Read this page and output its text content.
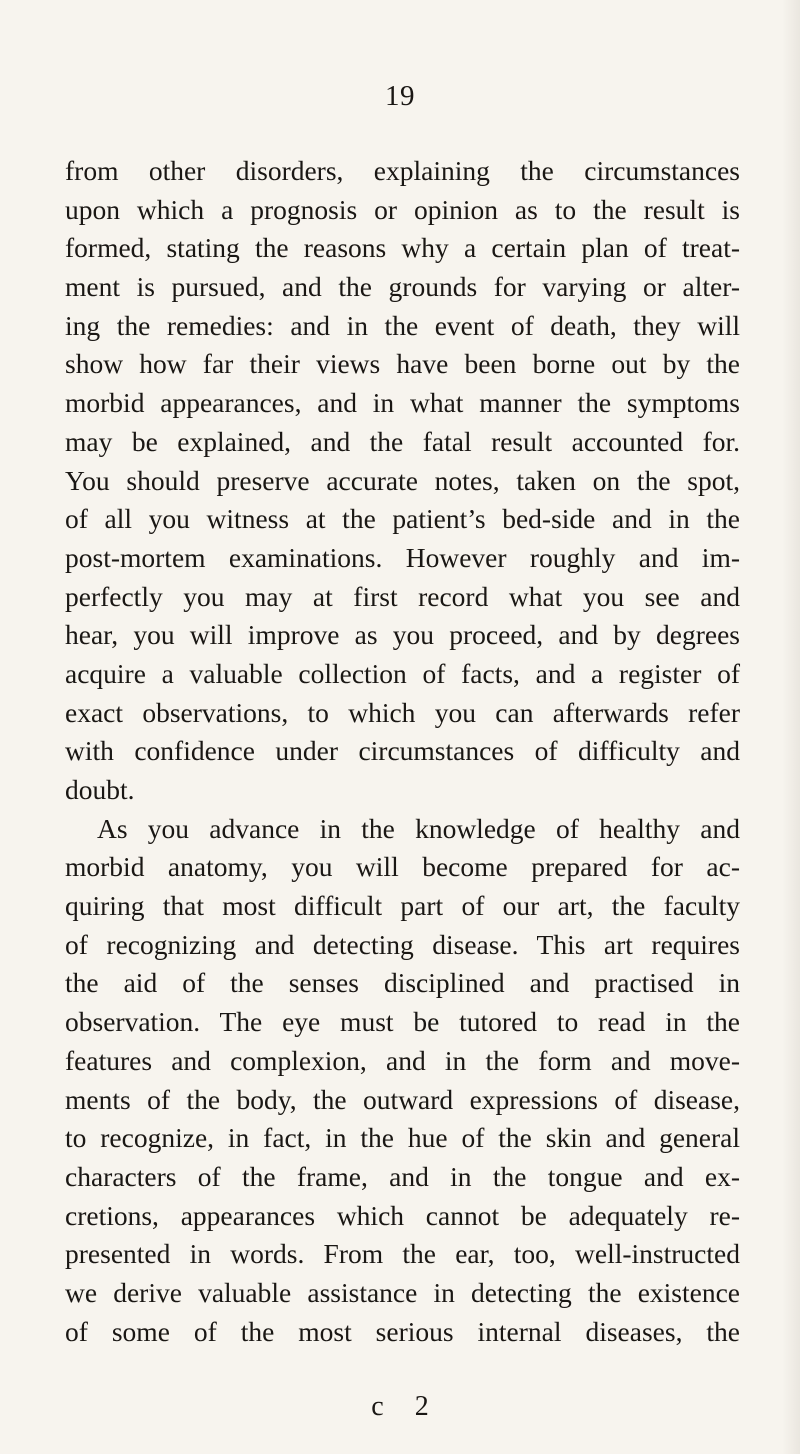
19
from other disorders, explaining the circumstances
upon which a prognosis or opinion as to the result is
formed, stating the reasons why a certain plan of treat-
ment is pursued, and the grounds for varying or alter-
ing the remedies: and in the event of death, they will
show how far their views have been borne out by the
morbid appearances, and in what manner the symptoms
may be explained, and the fatal result accounted for.
You should preserve accurate notes, taken on the spot,
of all you witness at the patient’s bed-side and in the
post-mortem examinations. However roughly and im-
perfectly you may at first record what you see and
hear, you will improve as you proceed, and by degrees
acquire a valuable collection of facts, and a register of
exact observations, to which you can afterwards refer
with confidence under circumstances of difficulty and
doubt.
As you advance in the knowledge of healthy and
morbid anatomy, you will become prepared for ac-
quiring that most difficult part of our art, the faculty
of recognizing and detecting disease. This art requires
the aid of the senses disciplined and practised in
observation. The eye must be tutored to read in the
features and complexion, and in the form and move-
ments of the body, the outward expressions of disease,
to recognize, in fact, in the hue of the skin and general
characters of the frame, and in the tongue and ex-
cretions, appearances which cannot be adequately re-
presented in words. From the ear, too, well-instructed
we derive valuable assistance in detecting the existence
of some of the most serious internal diseases, the
c 2
